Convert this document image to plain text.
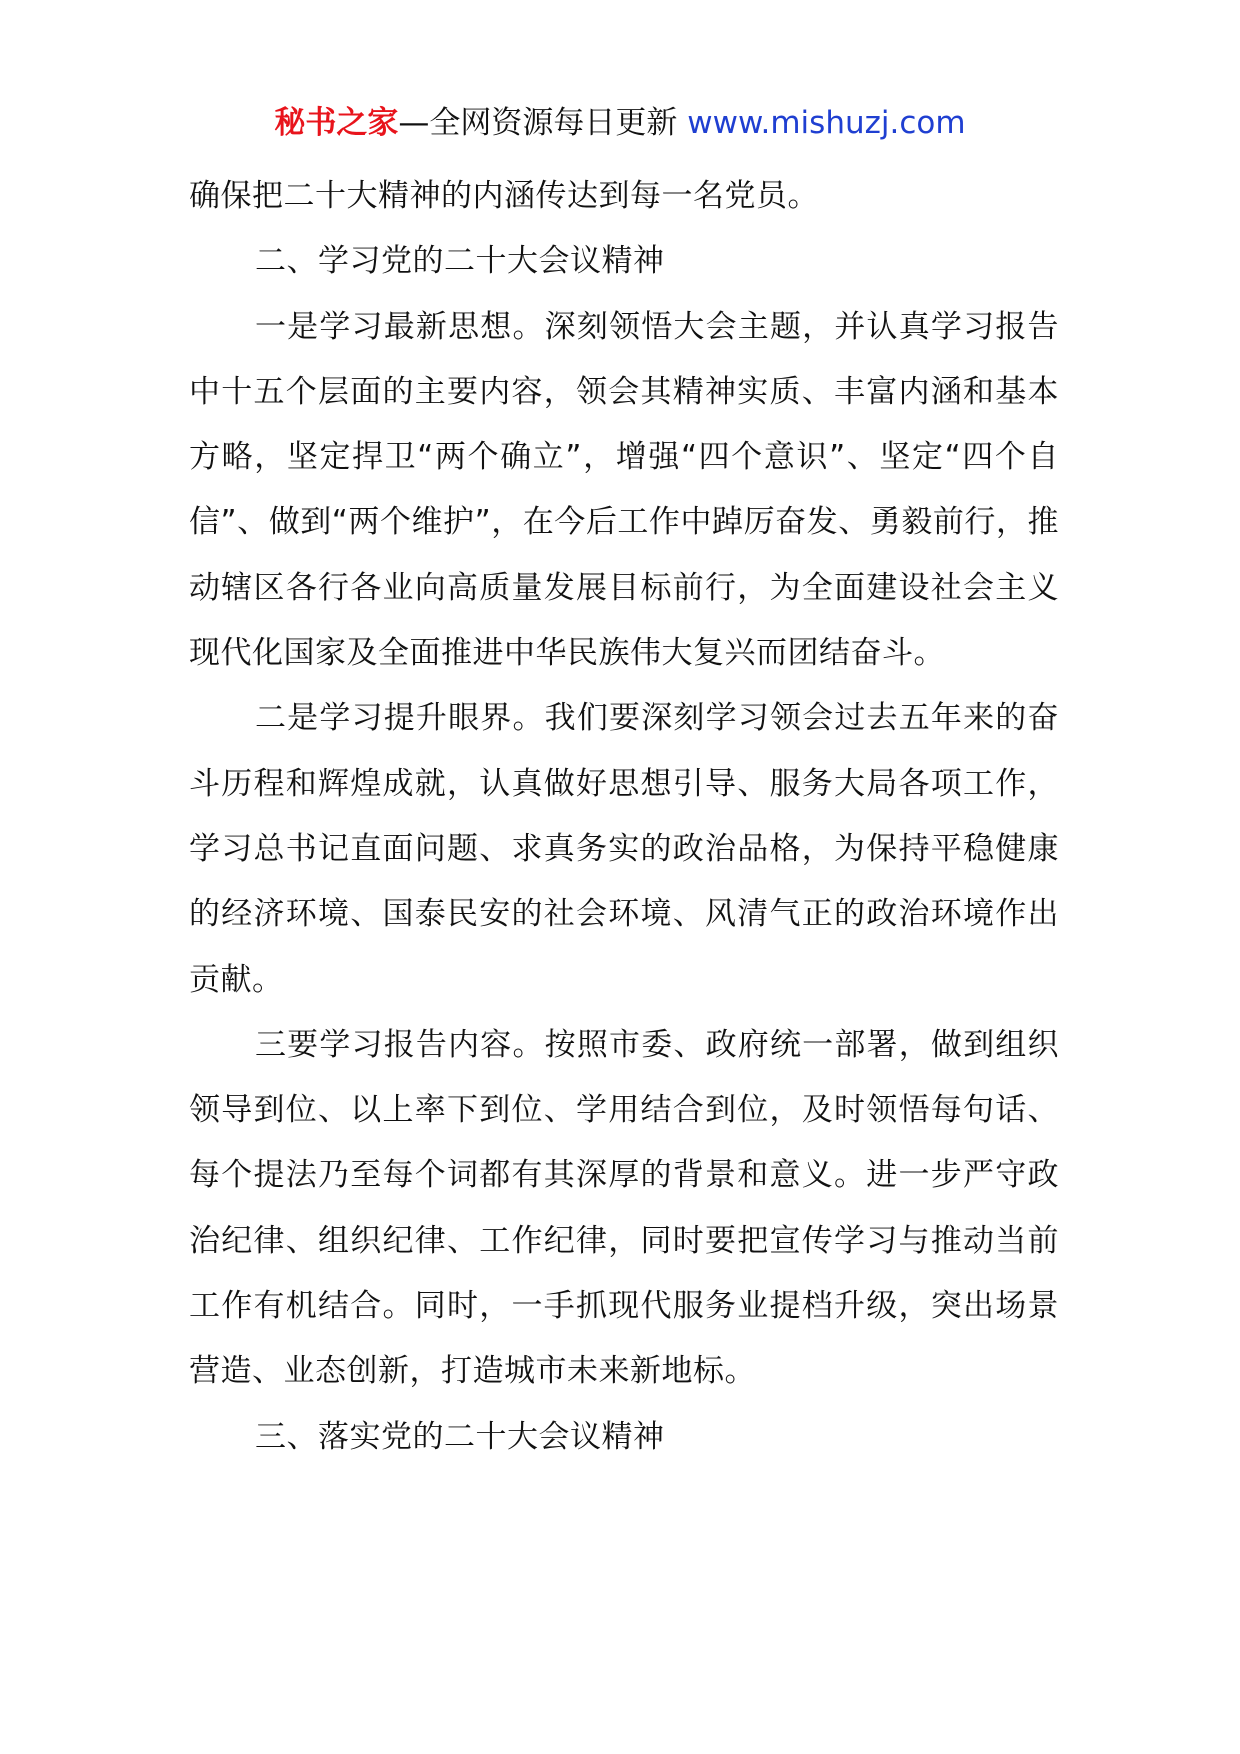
秘书之家—全网资源每日更新 www.mishuzj.com

确保把二十大精神的内涵传达到每一名党员。

二、学习党的二十大会议精神

一是学习最新思想。深刻领悟大会主题，并认真学习报告中十五个层面的主要内容，领会其精神实质、丰富内涵和基本方略，坚定捍卫“两个确立”，增强“四个意识”、坚定“四个自信”、做到“两个维护”，在今后工作中踔厉奋发、勇毅前行，推动辖区各行各业向高质量发展目标前行，为全面建设社会主义现代化国家及全面推进中华民族伟大复兴而团结奋斗。

二是学习提升眼界。我们要深刻学习领会过去五年来的奋斗历程和辉煌成就，认真做好思想引导、服务大局各项工作，学习总书记直面问题、求真务实的政治品格，为保持平稳健康的经济环境、国泰民安的社会环境、风清气正的政治环境作出贡献。

三要学习报告内容。按照市委、政府统一部署，做到组织领导到位、以上率下到位、学用结合到位，及时领悟每句话、每个提法乃至每个词都有其深厚的背景和意义。进一步严守政治纪律、组织纪律、工作纪律，同时要把宣传学习与推动当前工作有机结合。同时，一手抓现代服务业提档升级，突出场景营造、业态创新，打造城市未来新地标。

三、落实党的二十大会议精神
